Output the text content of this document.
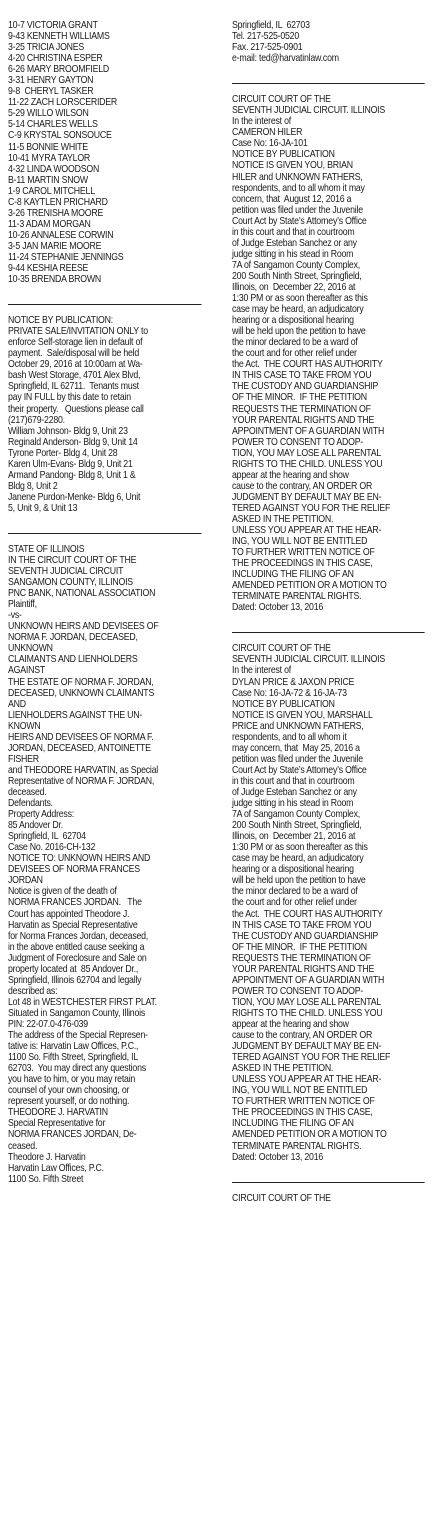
10-7 VICTORIA GRANT
9-43 KENNETH WILLIAMS
3-25 TRICIA JONES
4-20 CHRISTINA ESPER
6-26 MARY BROOMFIELD
3-31 HENRY GAYTON
9-8  CHERYL TASKER
11-22 ZACH LORSCERIDER
5-29 WILLO WILSON
5-14 CHARLES WELLS
C-9 KRYSTAL SONSOUCE
11-5 BONNIE WHITE
10-41 MYRA TAYLOR
4-32 LINDA WOODSON
B-11 MARTIN SNOW
1-9 CAROL MITCHELL
C-8 KAYTLEN PRICHARD
3-26 TRENISHA MOORE
11-3 ADAM MORGAN
10-26 ANNALESE CORWIN
3-5 JAN MARIE MOORE
11-24 STEPHANIE JENNINGS
9-44 KESHIA REESE
10-35 BRENDA BROWN
NOTICE BY PUBLICATION:
PRIVATE SALE/INVITATION ONLY to
enforce Self-storage lien in default of
payment.  Sale/disposal will be held
October 29, 2016 at 10:00am at Wa-
bash West Storage, 4701 Alex Blvd,
Springfield, IL 62711.  Tenants must
pay IN FULL by this date to retain
their property.   Questions please call
(217)679-2280.
William Johnson- Bldg 9, Unit 23
Reginald Anderson- Bldg 9, Unit 14
Tyrone Porter- Bldg 4, Unit 28
Karen Ulm-Evans- Bldg 9, Unit 21
Armand Pandong- Bldg 8, Unit 1 &
Bldg 8, Unit 2
Janene Purdon-Menke- Bldg 6, Unit
5, Unit 9, & Unit 13
STATE OF ILLINOIS
IN THE CIRCUIT COURT OF THE
SEVENTH JUDICIAL CIRCUIT
SANGAMON COUNTY, ILLINOIS
PNC BANK, NATIONAL ASSOCIATION
Plaintiff,
-vs-
UNKNOWN HEIRS AND DEVISEES OF
NORMA F. JORDAN, DECEASED,
UNKNOWN
CLAIMANTS AND LIENHOLDERS
AGAINST
THE ESTATE OF NORMA F. JORDAN,
DECEASED, UNKNOWN CLAIMANTS
AND
LIENHOLDERS AGAINST THE UN-
KNOWN
HEIRS AND DEVISEES OF NORMA F.
JORDAN, DECEASED, ANTOINETTE
FISHER
and THEODORE HARVATIN, as Special
Representative of NORMA F. JORDAN,
deceased.
Defendants.
Property Address:
85 Andover Dr.
Springfield, IL  62704
Case No. 2016-CH-132
NOTICE TO: UNKNOWN HEIRS AND
DEVISEES OF NORMA FRANCES
JORDAN
Notice is given of the death of
NORMA FRANCES JORDAN.   The
Court has appointed Theodore J.
Harvatin as Special Representative
for Norma Frances Jordan, deceased,
in the above entitled cause seeking a
Judgment of Foreclosure and Sale on
property located at  85 Andover Dr.,
Springfield, Illinois 62704 and legally
described as:
Lot 48 in WESTCHESTER FIRST PLAT.
Situated in Sangamon County, Illinois
PIN: 22-07.0-476-039
The address of the Special Represen-
tative is: Harvatin Law Offices, P.C.,
1100 So. Fifth Street, Springfield, IL
62703.  You may direct any questions
you have to him, or you may retain
counsel of your own choosing, or
represent yourself, or do nothing.
THEODORE J. HARVATIN
Special Representative for
NORMA FRANCES JORDAN, De-
ceased.
Theodore J. Harvatin
Harvatin Law Offices, P.C.
1100 So. Fifth Street
Springfield, IL  62703
Tel. 217-525-0520
Fax. 217-525-0901
e-mail: ted@harvatinlaw.com
CIRCUIT COURT OF THE
SEVENTH JUDICIAL CIRCUIT. ILLINOIS
In the interest of
CAMERON HILER
Case No: 16-JA-101
NOTICE BY PUBLICATION
NOTICE IS GIVEN YOU, BRIAN
HILER and UNKNOWN FATHERS,
respondents, and to all whom it may
concern, that  August 12, 2016 a
petition was filed under the Juvenile
Court Act by State’s Attorney’s Office
in this court and that in courtroom
of Judge Esteban Sanchez or any
judge sitting in his stead in Room
7A of Sangamon County Complex,
200 South Ninth Street, Springfield,
Illinois, on  December 22, 2016 at
1:30 PM or as soon thereafter as this
case may be heard, an adjudicatory
hearing or a dispositional hearing
will be held upon the petition to have
the minor declared to be a ward of
the court and for other relief under
the Act.  THE COURT HAS AUTHORITY
IN THIS CASE TO TAKE FROM YOU
THE CUSTODY AND GUARDIANSHIP
OF THE MINOR.  IF THE PETITION
REQUESTS THE TERMINATION OF
YOUR PARENTAL RIGHTS AND THE
APPOINTMENT OF A GUARDIAN WITH
POWER TO CONSENT TO ADOP-
TION, YOU MAY LOSE ALL PARENTAL
RIGHTS TO THE CHILD. UNLESS YOU
appear at the hearing and show
cause to the contrary, AN ORDER OR
JUDGMENT BY DEFAULT MAY BE EN-
TERED AGAINST YOU FOR THE RELIEF
ASKED IN THE PETITION.
UNLESS YOU APPEAR AT THE HEAR-
ING, YOU WILL NOT BE ENTITLED
TO FURTHER WRITTEN NOTICE OF
THE PROCEEDINGS IN THIS CASE,
INCLUDING THE FILING OF AN
AMENDED PETITION OR A MOTION TO
TERMINATE PARENTAL RIGHTS.
Dated: October 13, 2016
CIRCUIT COURT OF THE
SEVENTH JUDICIAL CIRCUIT. ILLINOIS
In the interest of
DYLAN PRICE & JAXON PRICE
Case No: 16-JA-72 & 16-JA-73
NOTICE BY PUBLICATION
NOTICE IS GIVEN YOU, MARSHALL
PRICE and UNKNOWN FATHERS,
respondents, and to all whom it
may concern, that  May 25, 2016 a
petition was filed under the Juvenile
Court Act by State’s Attorney’s Office
in this court and that in courtroom
of Judge Esteban Sanchez or any
judge sitting in his stead in Room
7A of Sangamon County Complex,
200 South Ninth Street, Springfield,
Illinois, on  December 21, 2016 at
1:30 PM or as soon thereafter as this
case may be heard, an adjudicatory
hearing or a dispositional hearing
will be held upon the petition to have
the minor declared to be a ward of
the court and for other relief under
the Act.  THE COURT HAS AUTHORITY
IN THIS CASE TO TAKE FROM YOU
THE CUSTODY AND GUARDIANSHIP
OF THE MINOR.  IF THE PETITION
REQUESTS THE TERMINATION OF
YOUR PARENTAL RIGHTS AND THE
APPOINTMENT OF A GUARDIAN WITH
POWER TO CONSENT TO ADOP-
TION, YOU MAY LOSE ALL PARENTAL
RIGHTS TO THE CHILD. UNLESS YOU
appear at the hearing and show
cause to the contrary, AN ORDER OR
JUDGMENT BY DEFAULT MAY BE EN-
TERED AGAINST YOU FOR THE RELIEF
ASKED IN THE PETITION.
UNLESS YOU APPEAR AT THE HEAR-
ING, YOU WILL NOT BE ENTITLED
TO FURTHER WRITTEN NOTICE OF
THE PROCEEDINGS IN THIS CASE,
INCLUDING THE FILING OF AN
AMENDED PETITION OR A MOTION TO
TERMINATE PARENTAL RIGHTS.
Dated: October 13, 2016
CIRCUIT COURT OF THE
